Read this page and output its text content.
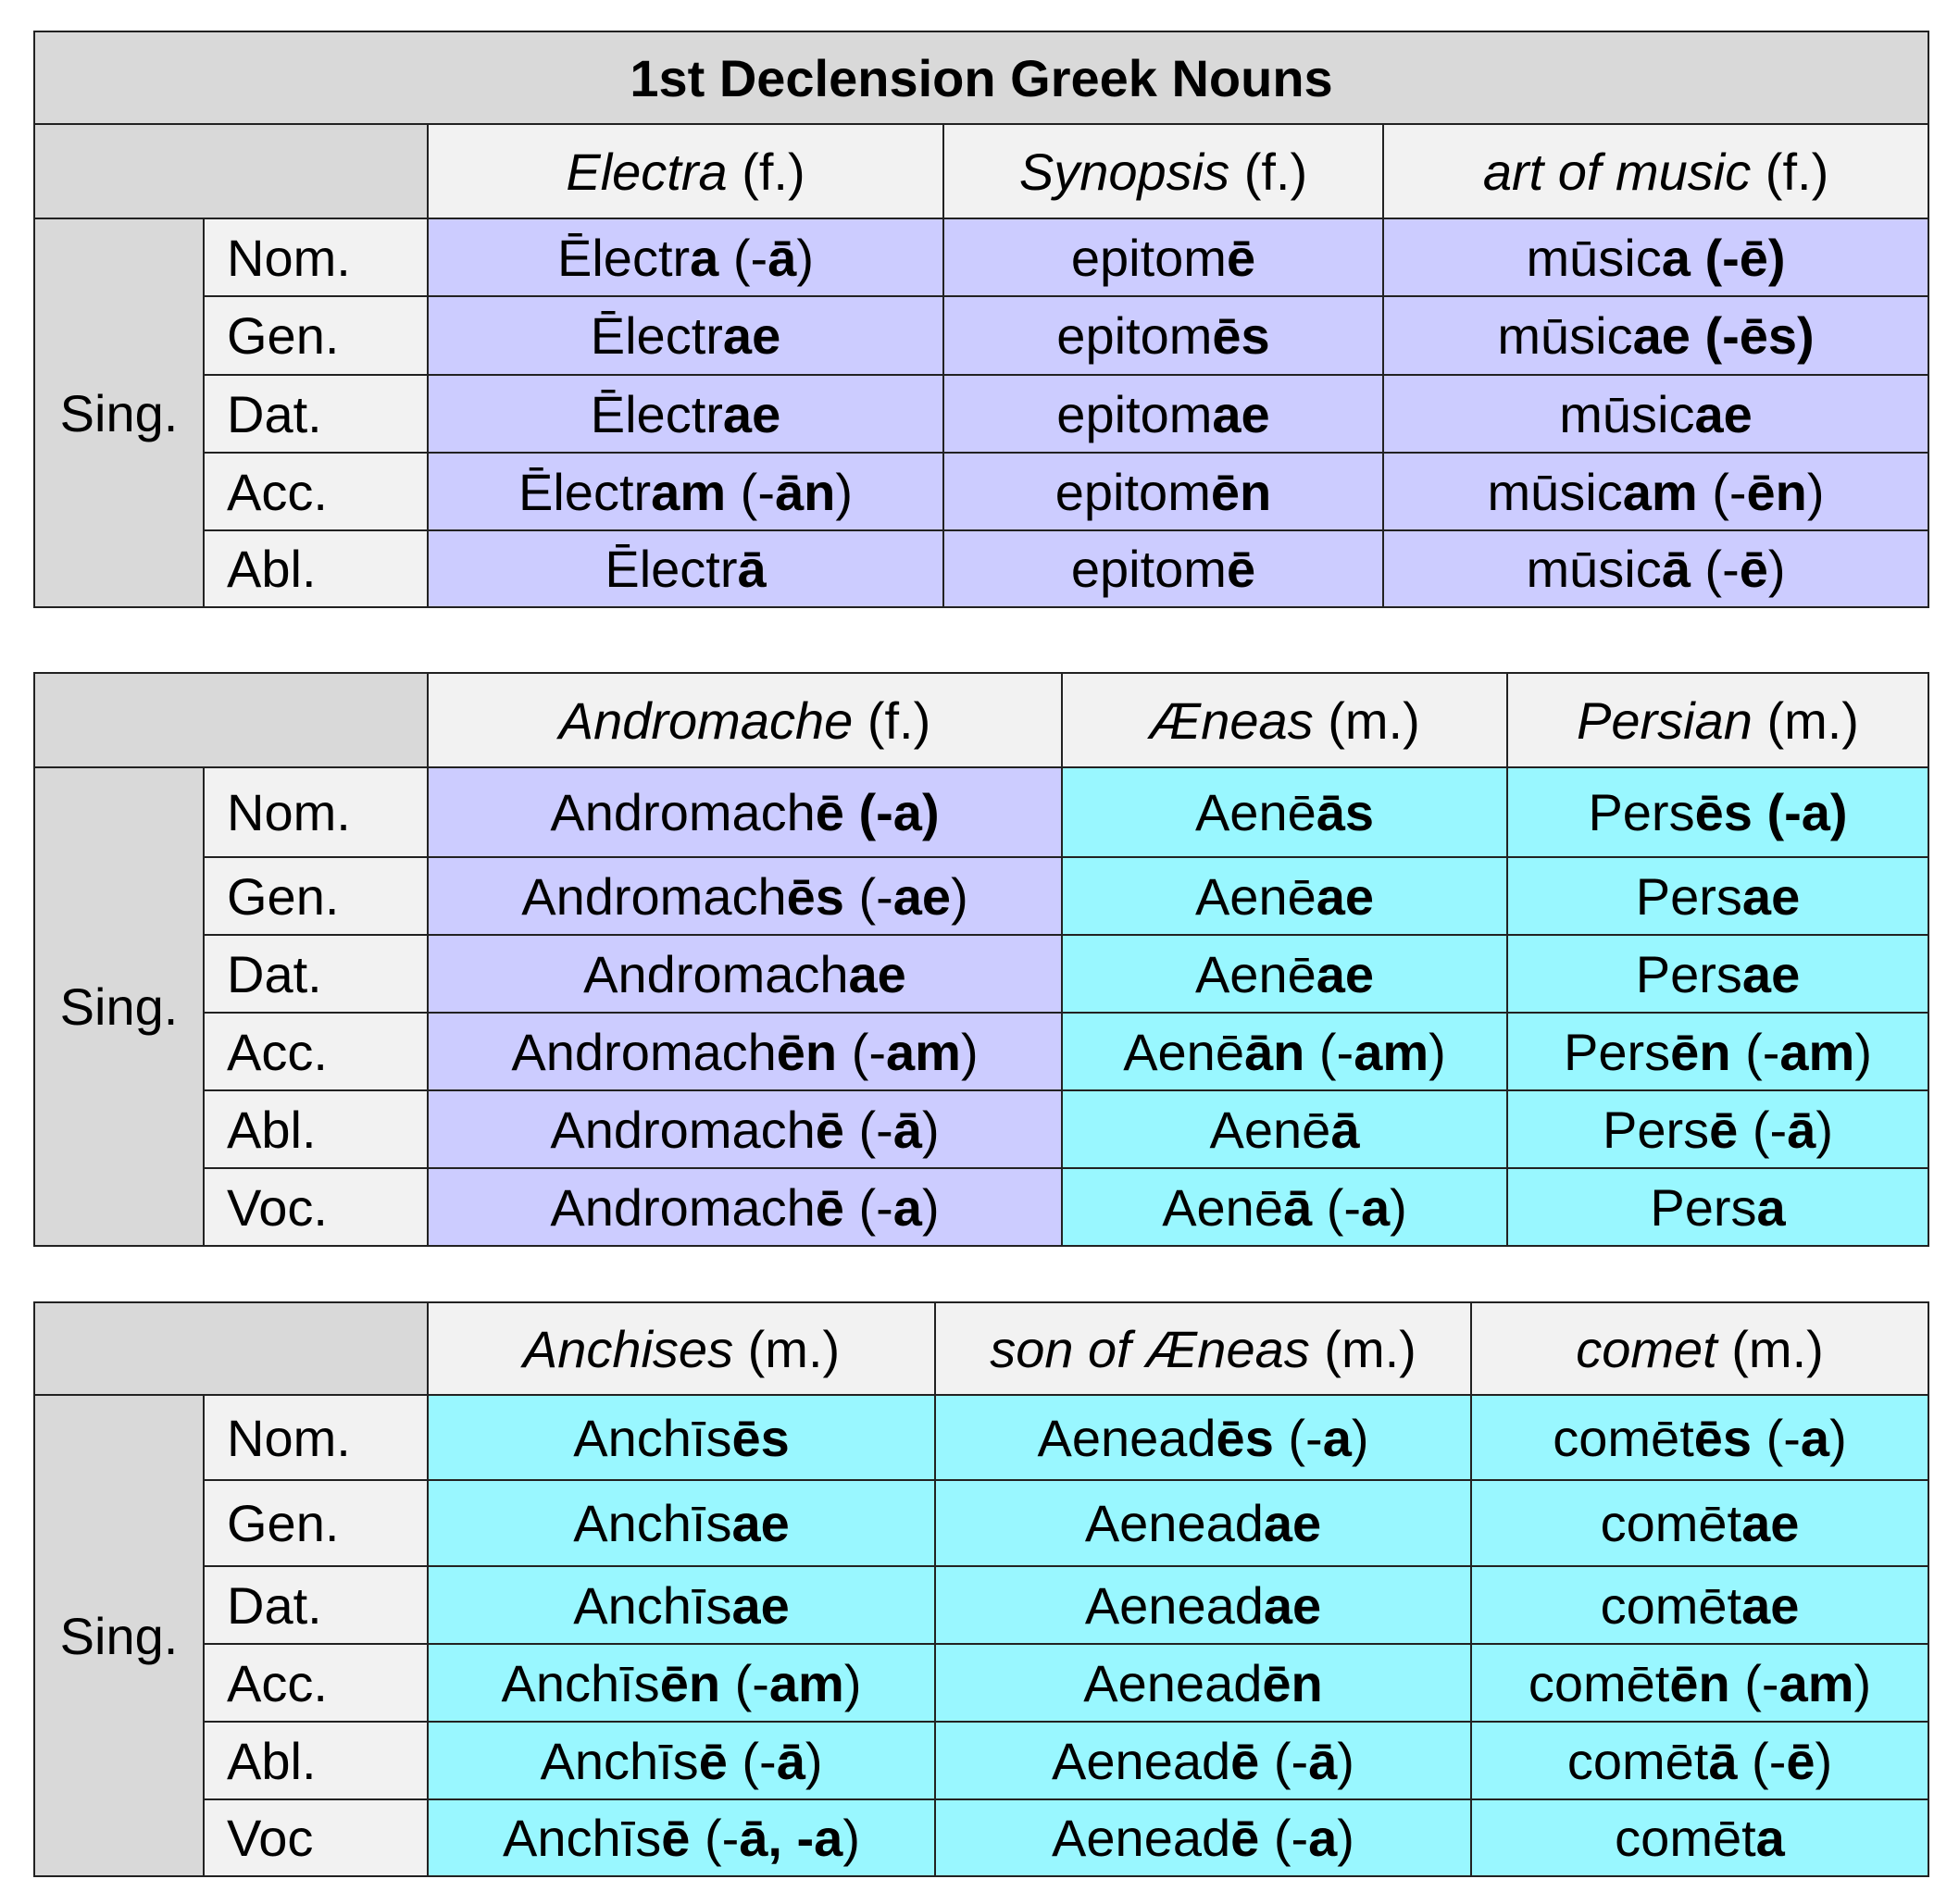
1st Declension Greek Nouns				
		Electra (f.)	Synopsis (f.)	art of music (f.)
Sing.	Nom.	Ēlectra (-ā)	epitomē	mūsica (-ē)
	Gen.	Ēlectrae	epitomēs	mūsicae (-ēs)
	Dat.	Ēlectrae	epitomae	mūsicae
	Acc.	Ēlectram (-ān)	epitomēn	mūsicam (-ēn)
	Abl.	Ēlectrā	epitomē	mūsicā (-ē)
		Andromache (f.)	Æneas (m.)	Persian (m.)
Sing.	Nom.	Andromachē (-a)	Aenēās	Persēs (-a)
	Gen.	Andromachēs (-ae)	Aenēae	Persae
	Dat.	Andromachae	Aenēae	Persae
	Acc.	Andromachēn (-am)	Aenēān (-am)	Persēn (-am)
	Abl.	Andromachē (-ā)	Aenēā	Persē (-ā)
	Voc.	Andromachē (-a)	Aenēā (-a)	Persa
		Anchises (m.)	son of Æneas (m.)	comet (m.)
Sing.	Nom.	Anchīsēs	Aeneadēs (-a)	comētēs (-a)
	Gen.	Anchīsae	Aeneadae	comētae
	Dat.	Anchīsae	Aeneadae	comētae
	Acc.	Anchīsēn (-am)	Aeneadēn	comētēn (-am)
	Abl.	Anchīsē (-ā)	Aeneadē (-ā)	comētā (-ē)
	Voc	Anchīsē (-ā, -a)	Aeneadē (-a)	comēta
